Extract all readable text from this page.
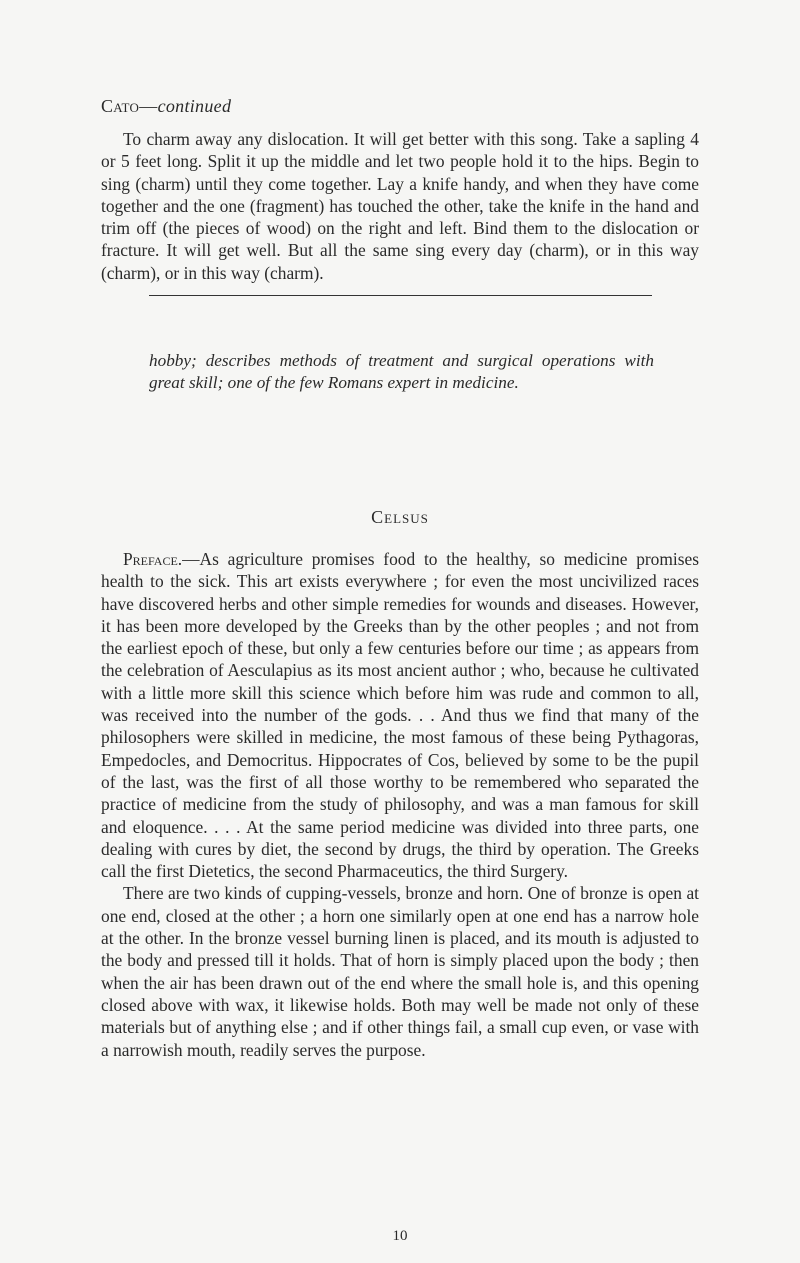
Cato—continued

To charm away any dislocation. It will get better with this song. Take a sapling 4 or 5 feet long. Split it up the middle and let two people hold it to the hips. Begin to sing (charm) until they come together. Lay a knife handy, and when they have come together and the one (fragment) has touched the other, take the knife in the hand and trim off (the pieces of wood) on the right and left. Bind them to the dislocation or fracture. It will get well. But all the same sing every day (charm), or in this way (charm), or in this way (charm).

hobby; describes methods of treatment and surgical operations with great skill; one of the few Romans expert in medicine.
Celsus

Preface.—As agriculture promises food to the healthy, so medicine promises health to the sick. This art exists everywhere ; for even the most uncivilized races have discovered herbs and other simple remedies for wounds and diseases. However, it has been more developed by the Greeks than by the other peoples ; and not from the earliest epoch of these, but only a few centuries before our time ; as appears from the celebration of Aesculapius as its most ancient author ; who, because he cultivated with a little more skill this science which before him was rude and common to all, was received into the number of the gods. . . And thus we find that many of the philosophers were skilled in medicine, the most famous of these being Pythagoras, Empedocles, and Democritus. Hippocrates of Cos, believed by some to be the pupil of the last, was the first of all those worthy to be remembered who separated the practice of medicine from the study of philosophy, and was a man famous for skill and eloquence. . . . At the same period medicine was divided into three parts, one dealing with cures by diet, the second by drugs, the third by operation. The Greeks call the first Dietetics, the second Pharmaceutics, the third Surgery.

There are two kinds of cupping-vessels, bronze and horn. One of bronze is open at one end, closed at the other ; a horn one similarly open at one end has a narrow hole at the other. In the bronze vessel burning linen is placed, and its mouth is adjusted to the body and pressed till it holds. That of horn is simply placed upon the body ; then when the air has been drawn out of the end where the small hole is, and this opening closed above with wax, it likewise holds. Both may well be made not only of these materials but of anything else ; and if other things fail, a small cup even, or vase with a narrowish mouth, readily serves the purpose.

10
